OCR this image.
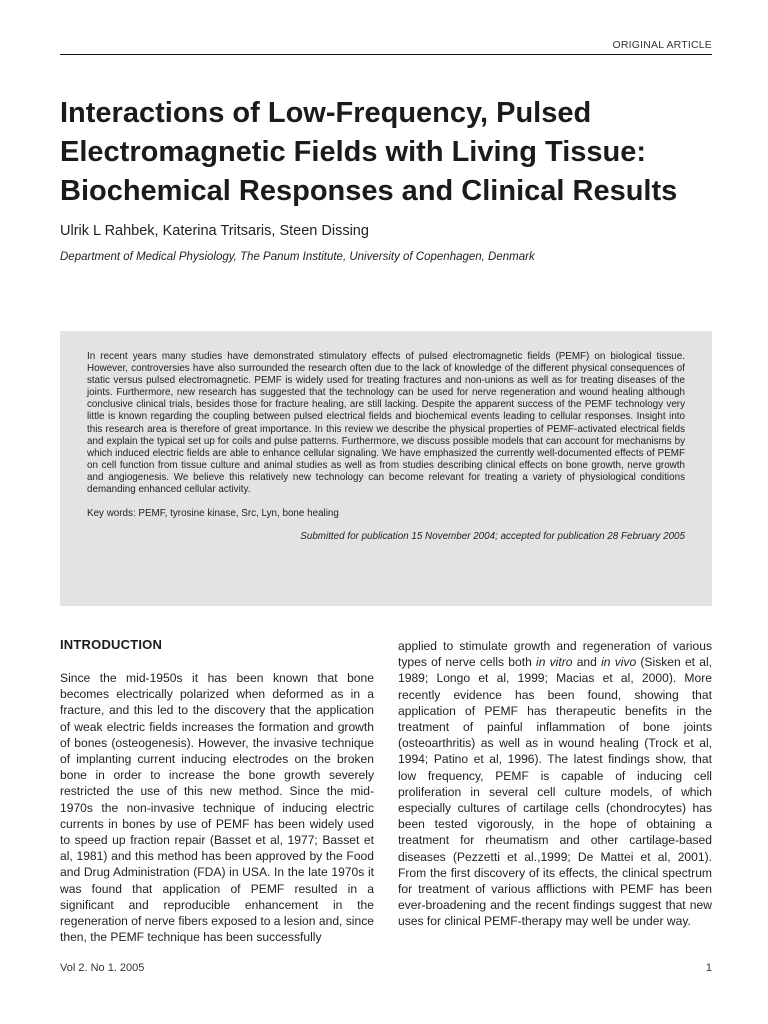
ORIGINAL ARTICLE
Interactions of Low-Frequency, Pulsed
Electromagnetic Fields with Living Tissue:
Biochemical Responses and Clinical Results
Ulrik L Rahbek, Katerina Tritsaris, Steen Dissing
Department of Medical Physiology, The Panum Institute, University of Copenhagen, Denmark

In recent years many studies have demonstrated stimulatory effects of pulsed electromagnetic fields (PEMF) on biological tissue. However, controversies have also surrounded the research often due to the lack of knowledge of the different physical consequences of static versus pulsed electromagnetic. PEMF is widely used for treating fractures and non-unions as well as for treating diseases of the joints. Furthermore, new research has suggested that the technology can be used for nerve regeneration and wound healing although conclusive clinical trials, besides those for fracture healing, are still lacking. Despite the apparent success of the PEMF technology very little is known regarding the coupling between pulsed electrical fields and biochemical events leading to cellular responses. Insight into this research area is therefore of great importance. In this review we describe the physical properties of PEMF-activated electrical fields and explain the typical set up for coils and pulse patterns. Furthermore, we discuss possible models that can account for mechanisms by which induced electric fields are able to enhance cellular signaling. We have emphasized the currently well-documented effects of PEMF on cell function from tissue culture and animal studies as well as from studies describing clinical effects on bone growth, nerve growth and angiogenesis. We believe this relatively new technology can become relevant for treating a variety of physiological conditions demanding enhanced cellular activity.

Key words: PEMF, tyrosine kinase, Src, Lyn, bone healing

Submitted for publication 15 November 2004; accepted for publication 28 February 2005

INTRODUCTION

Since the mid-1950s it has been known that bone becomes electrically polarized when deformed as in a fracture, and this led to the discovery that the application of weak electric fields increases the formation and growth of bones (osteogenesis). However, the invasive technique of implanting current inducing electrodes on the broken bone in order to increase the bone growth severely restricted the use of this new method. Since the mid-1970s the non-invasive technique of inducing electric currents in bones by use of PEMF has been widely used to speed up fraction repair (Basset et al, 1977; Basset et al, 1981) and this method has been approved by the Food and Drug Administration (FDA) in USA. In the late 1970s it was found that application of PEMF resulted in a significant and reproducible enhancement in the regeneration of nerve fibers exposed to a lesion and, since then, the PEMF technique has been successfully

applied to stimulate growth and regeneration of various types of nerve cells both in vitro and in vivo (Sisken et al, 1989; Longo et al, 1999; Macias et al, 2000). More recently evidence has been found, showing that application of PEMF has therapeutic benefits in the treatment of painful inflammation of bone joints (osteoarthritis) as well as in wound healing (Trock et al, 1994; Patino et al, 1996). The latest findings show, that low frequency, PEMF is capable of inducing cell proliferation in several cell culture models, of which especially cultures of cartilage cells (chondrocytes) has been tested vigorously, in the hope of obtaining a treatment for rheumatism and other cartilage-based diseases (Pezzetti et al.,1999; De Mattei et al, 2001). From the first discovery of its effects, the clinical spectrum for treatment of various afflictions with PEMF has been ever-broadening and the recent findings suggest that new uses for clinical PEMF-therapy may well be under way.

Vol 2. No 1. 2005	1
